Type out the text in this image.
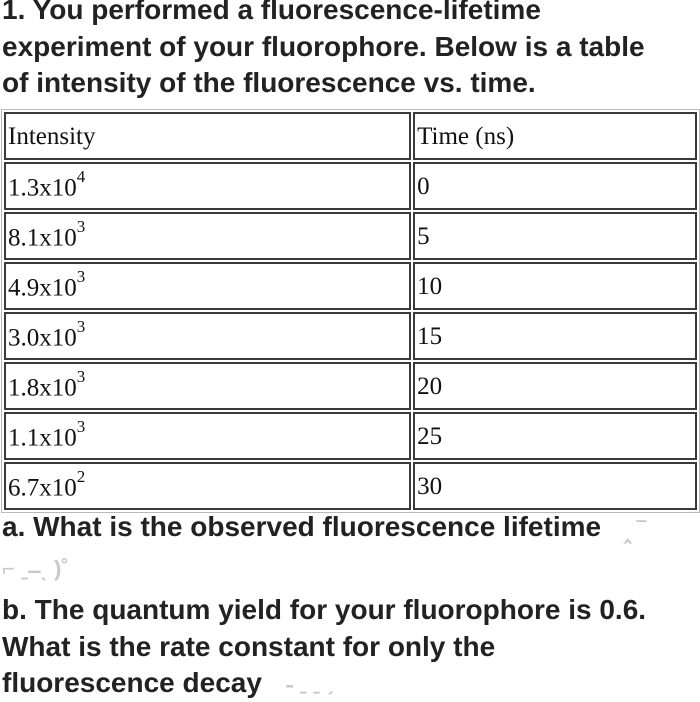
1. You performed a fluorescence-lifetime
experiment of your fluorophore. Below is a table
of intensity of the fluorescence vs. time.
Intensity	Time (ns)
$1.3x10^4$	0
$8.1x10^3$	5
$4.9x10^3$	10
$3.0x10^3$	15
$1.8x10^3$	20
$1.1x10^3$	25
$6.7x10^2$	30
a. What is the observed fluorescence lifetime ‸ ‾
⌐ ˍ ̶ ˎ )˚
b. The quantum yield for your fluorophore is 0.6.
What is the rate constant for only the
fluorescence decay	˗ ˍ ˍ ˏ
